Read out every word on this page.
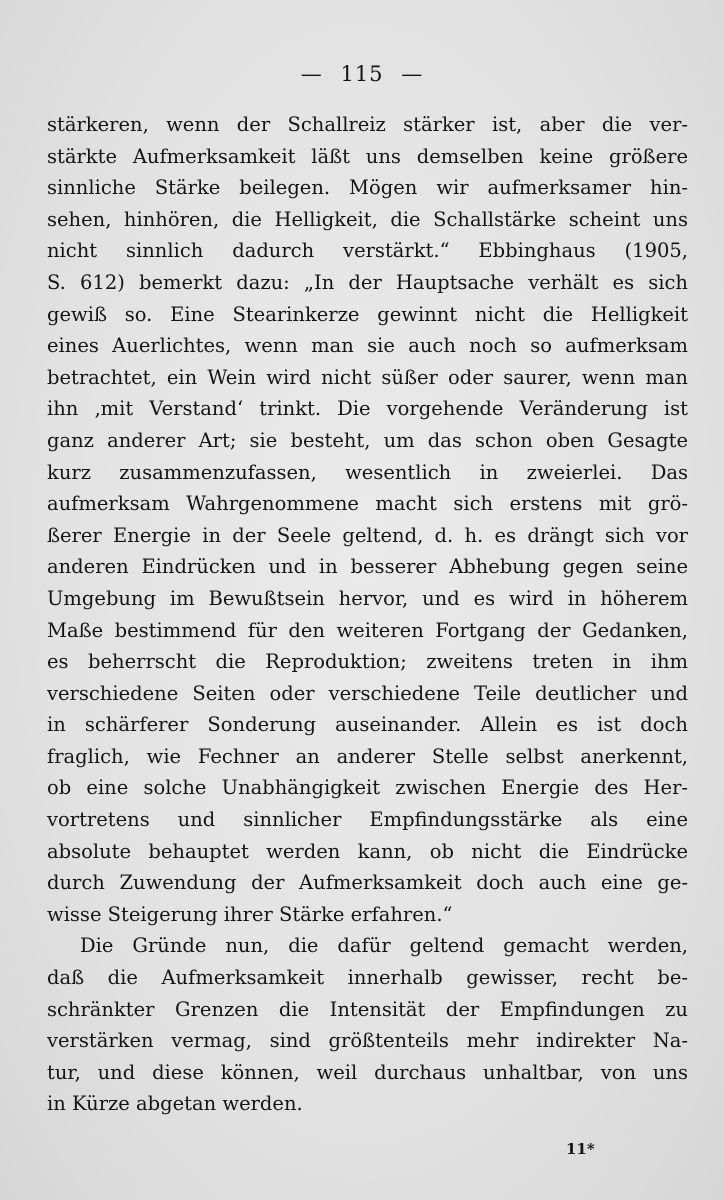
— 115 —
stärkeren, wenn der Schallreiz stärker ist, aber die ver-
stärkte Aufmerksamkeit läßt uns demselben keine größere
sinnliche Stärke beilegen. Mögen wir aufmerksamer hin-
sehen, hinhören, die Helligkeit, die Schallstärke scheint uns
nicht sinnlich dadurch verstärkt.“ Ebbinghaus (1905,
S. 612) bemerkt dazu: „In der Hauptsache verhält es sich
gewiß so. Eine Stearinkerze gewinnt nicht die Helligkeit
eines Auerlichtes, wenn man sie auch noch so aufmerksam
betrachtet, ein Wein wird nicht süßer oder saurer, wenn man
ihn ‚mit Verstand‘ trinkt. Die vorgehende Veränderung ist
ganz anderer Art; sie besteht, um das schon oben Gesagte
kurz zusammenzufassen, wesentlich in zweierlei. Das
aufmerksam Wahrgenommene macht sich erstens mit grö-
ßerer Energie in der Seele geltend, d. h. es drängt sich vor
anderen Eindrücken und in besserer Abhebung gegen seine
Umgebung im Bewußtsein hervor, und es wird in höherem
Maße bestimmend für den weiteren Fortgang der Gedanken,
es beherrscht die Reproduktion; zweitens treten in ihm
verschiedene Seiten oder verschiedene Teile deutlicher und
in schärferer Sonderung auseinander. Allein es ist doch
fraglich, wie Fechner an anderer Stelle selbst anerkennt,
ob eine solche Unabhängigkeit zwischen Energie des Her-
vortretens und sinnlicher Empfindungsstärke als eine
absolute behauptet werden kann, ob nicht die Eindrücke
durch Zuwendung der Aufmerksamkeit doch auch eine ge-
wisse Steigerung ihrer Stärke erfahren.“
Die Gründe nun, die dafür geltend gemacht werden,
daß die Aufmerksamkeit innerhalb gewisser, recht be-
schränkter Grenzen die Intensität der Empfindungen zu
verstärken vermag, sind größtenteils mehr indirekter Na-
tur, und diese können, weil durchaus unhaltbar, von uns
in Kürze abgetan werden.
11*
